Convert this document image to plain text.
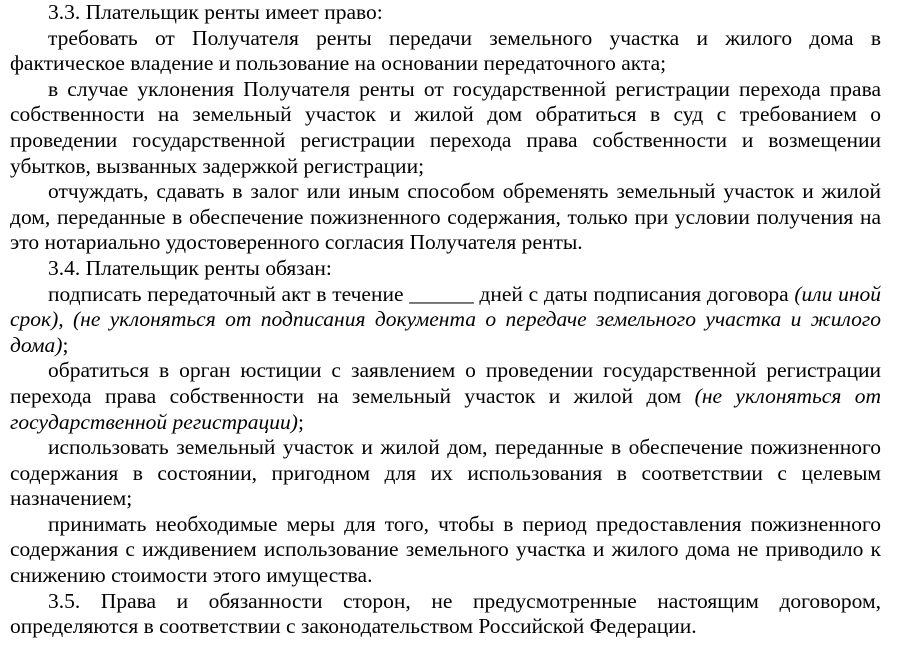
3.3. Плательщик ренты имеет право:

требовать от Получателя ренты передачи земельного участка и жилого дома в фактическое владение и пользование на основании передаточного акта;

в случае уклонения Получателя ренты от государственной регистрации перехода права собственности на земельный участок и жилой дом обратиться в суд с требованием о проведении государственной регистрации перехода права собственности и возмещении убытков, вызванных задержкой регистрации;

отчуждать, сдавать в залог или иным способом обременять земельный участок и жилой дом, переданные в обеспечение пожизненного содержания, только при условии получения на это нотариально удостоверенного согласия Получателя ренты.

3.4. Плательщик ренты обязан:

подписать передаточный акт в течение ______ дней с даты подписания договора (или иной срок), (не уклоняться от подписания документа о передаче земельного участка и жилого дома);

обратиться в орган юстиции с заявлением о проведении государственной регистрации перехода права собственности на земельный участок и жилой дом (не уклоняться от государственной регистрации);

использовать земельный участок и жилой дом, переданные в обеспечение пожизненного содержания в состоянии, пригодном для их использования в соответствии с целевым назначением;

принимать необходимые меры для того, чтобы в период предоставления пожизненного содержания с иждивением использование земельного участка и жилого дома не приводило к снижению стоимости этого имущества.

3.5. Права и обязанности сторон, не предусмотренные настоящим договором, определяются в соответствии с законодательством Российской Федерации.
